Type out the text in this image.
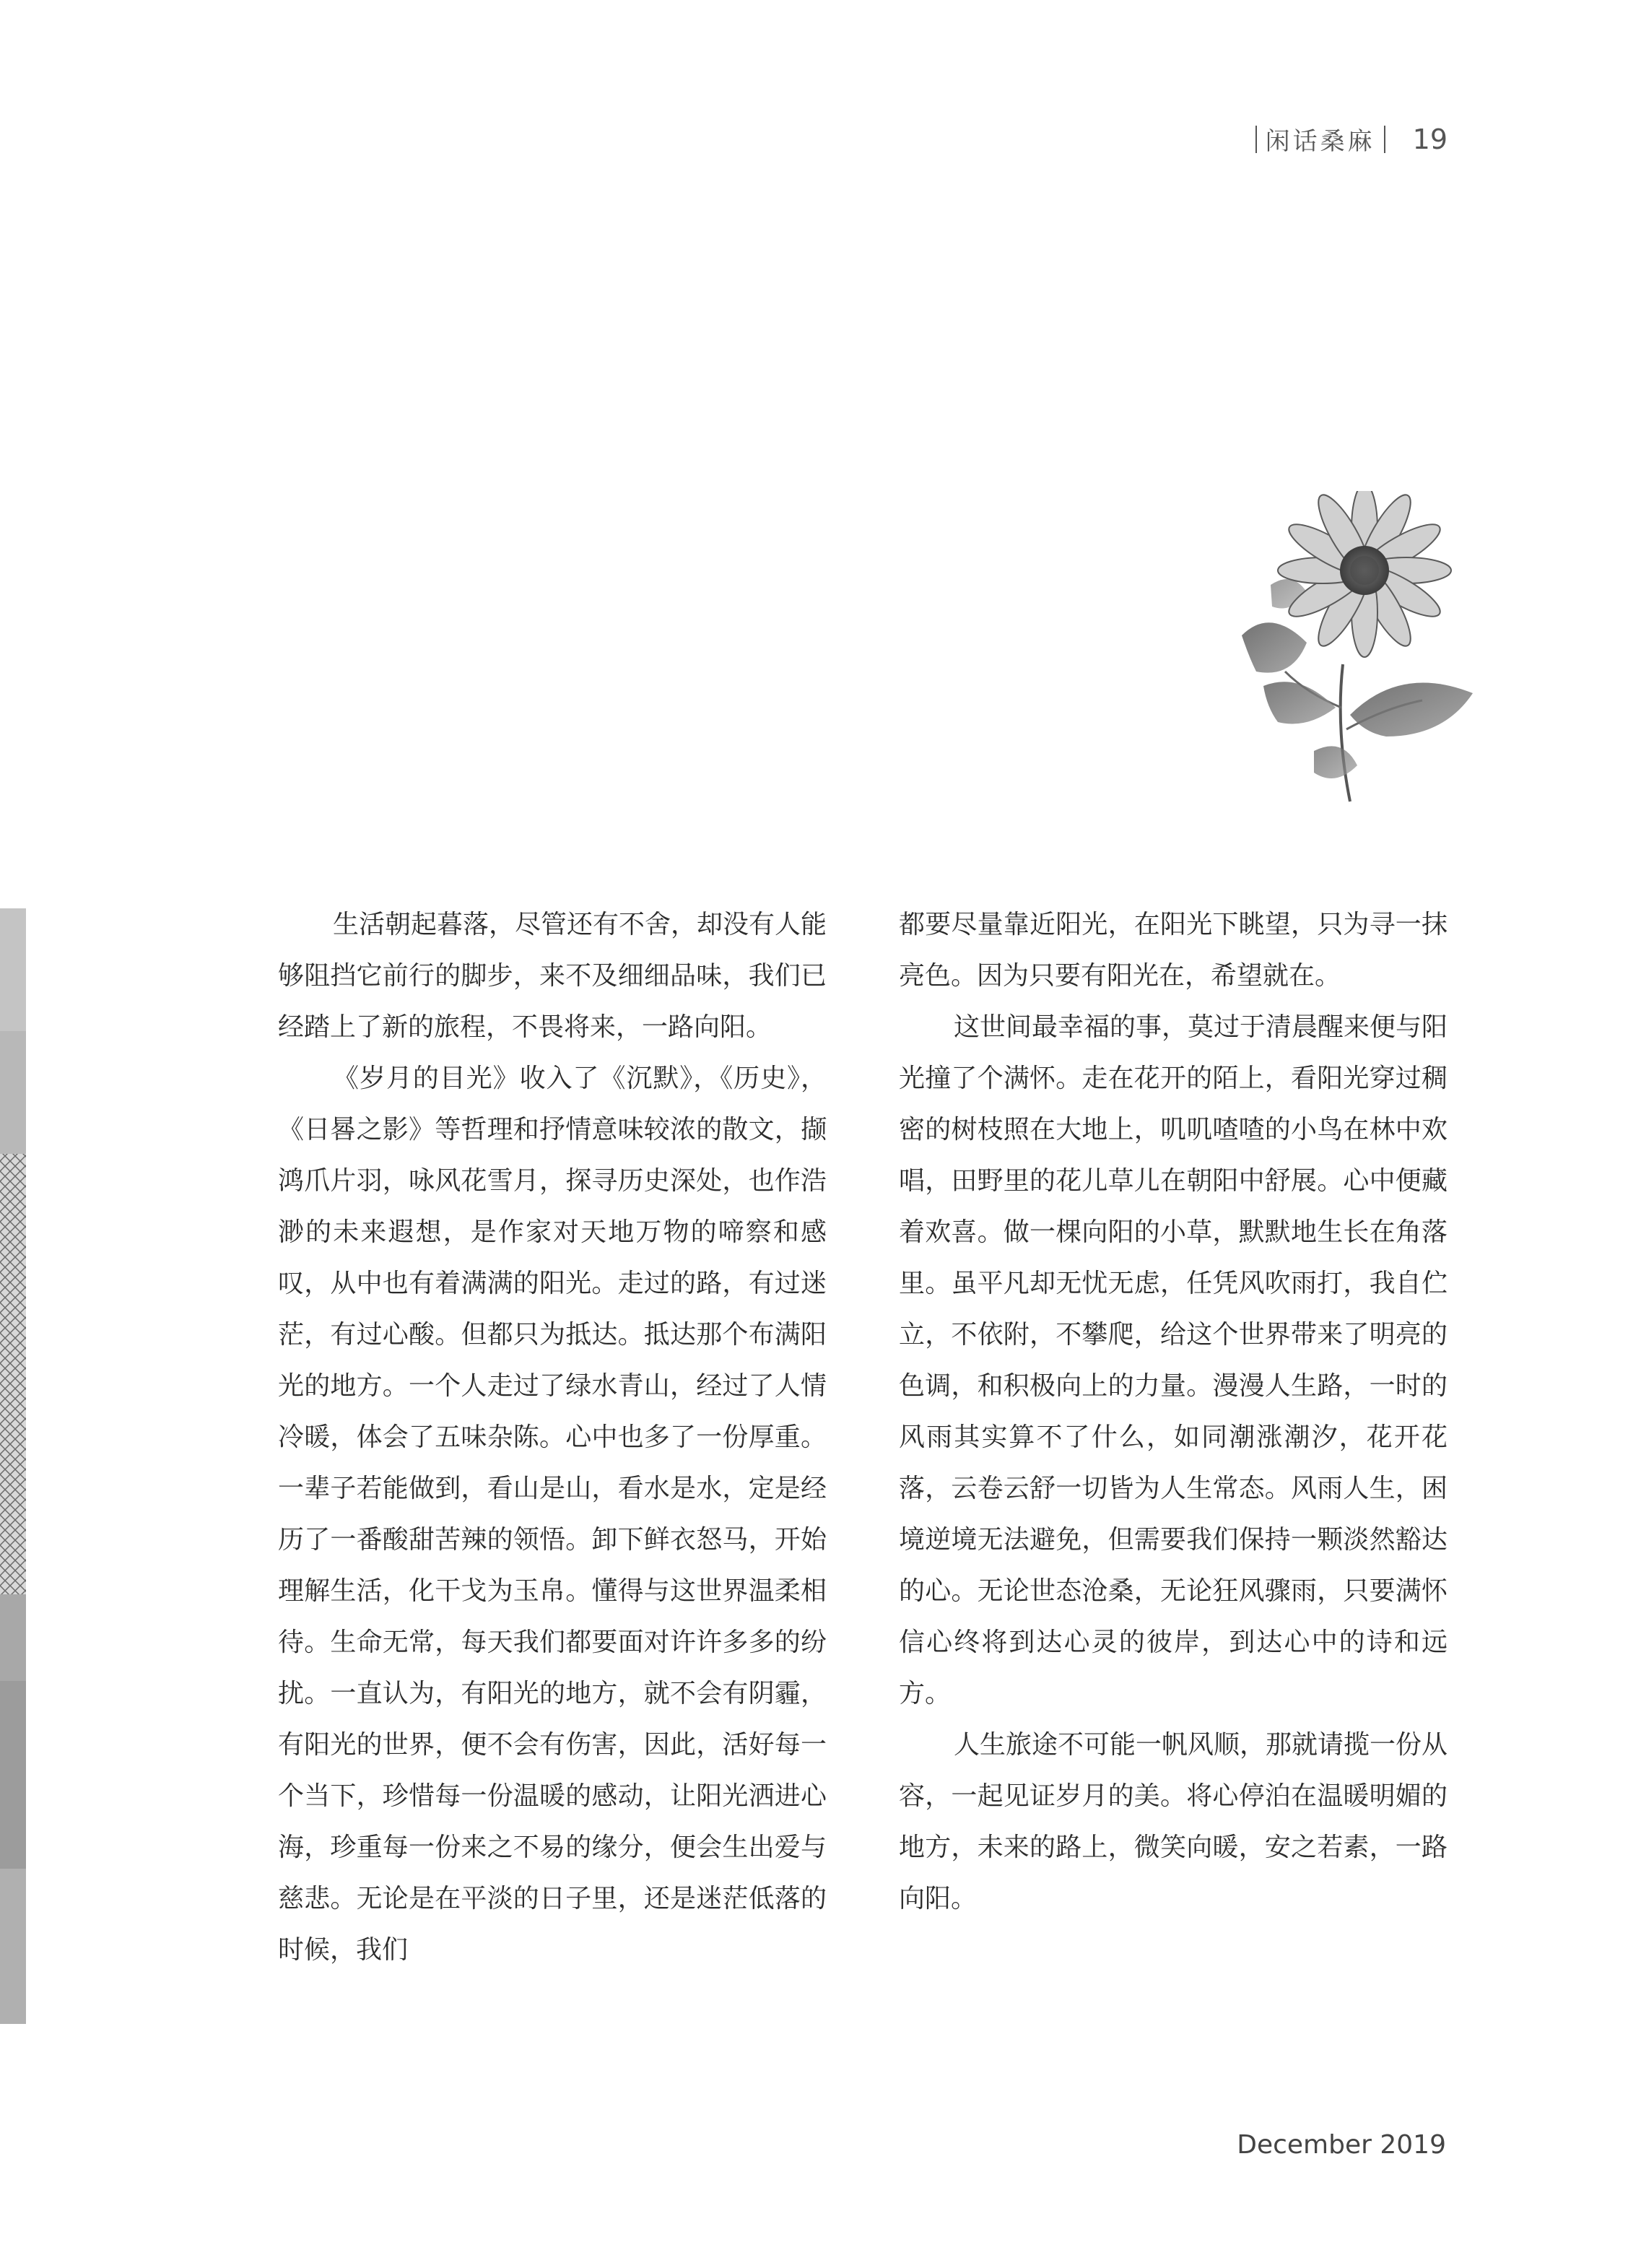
闲话桑麻 19

生活朝起暮落，尽管还有不舍，却没有人能够阻挡它前行的脚步，来不及细细品味，我们已经踏上了新的旅程，不畏将来，一路向阳。

《岁月的目光》收入了《沉默》，《历史》，《日晷之影》等哲理和抒情意味较浓的散文，撷鸿爪片羽，咏风花雪月，探寻历史深处，也作浩渺的未来遐想，是作家对天地万物的啼察和感叹，从中也有着满满的阳光。走过的路，有过迷茫，有过心酸。但都只为抵达。抵达那个布满阳光的地方。一个人走过了绿水青山，经过了人情冷暖，体会了五味杂陈。心中也多了一份厚重。一辈子若能做到，看山是山，看水是水，定是经历了一番酸甜苦辣的领悟。卸下鲜衣怒马，开始理解生活，化干戈为玉帛。懂得与这世界温柔相待。生命无常，每天我们都要面对许许多多的纷扰。一直认为，有阳光的地方，就不会有阴霾，有阳光的世界，便不会有伤害，因此，活好每一个当下，珍惜每一份温暖的感动，让阳光洒进心海，珍重每一份来之不易的缘分，便会生出爱与慈悲。无论是在平淡的日子里，还是迷茫低落的时候，我们

都要尽量靠近阳光，在阳光下眺望，只为寻一抹亮色。因为只要有阳光在，希望就在。

这世间最幸福的事，莫过于清晨醒来便与阳光撞了个满怀。走在花开的陌上，看阳光穿过稠密的树枝照在大地上，叽叽喳喳的小鸟在林中欢唱，田野里的花儿草儿在朝阳中舒展。心中便藏着欢喜。做一棵向阳的小草，默默地生长在角落里。虽平凡却无忧无虑，任凭风吹雨打，我自伫立，不依附，不攀爬，给这个世界带来了明亮的色调，和积极向上的力量。漫漫人生路，一时的风雨其实算不了什么，如同潮涨潮汐，花开花落，云卷云舒一切皆为人生常态。风雨人生，困境逆境无法避免，但需要我们保持一颗淡然豁达的心。无论世态沧桑，无论狂风骤雨，只要满怀信心终将到达心灵的彼岸，到达心中的诗和远方。

人生旅途不可能一帆风顺，那就请揽一份从容，一起见证岁月的美。将心停泊在温暖明媚的地方，未来的路上，微笑向暖，安之若素，一路向阳。

December 2019
